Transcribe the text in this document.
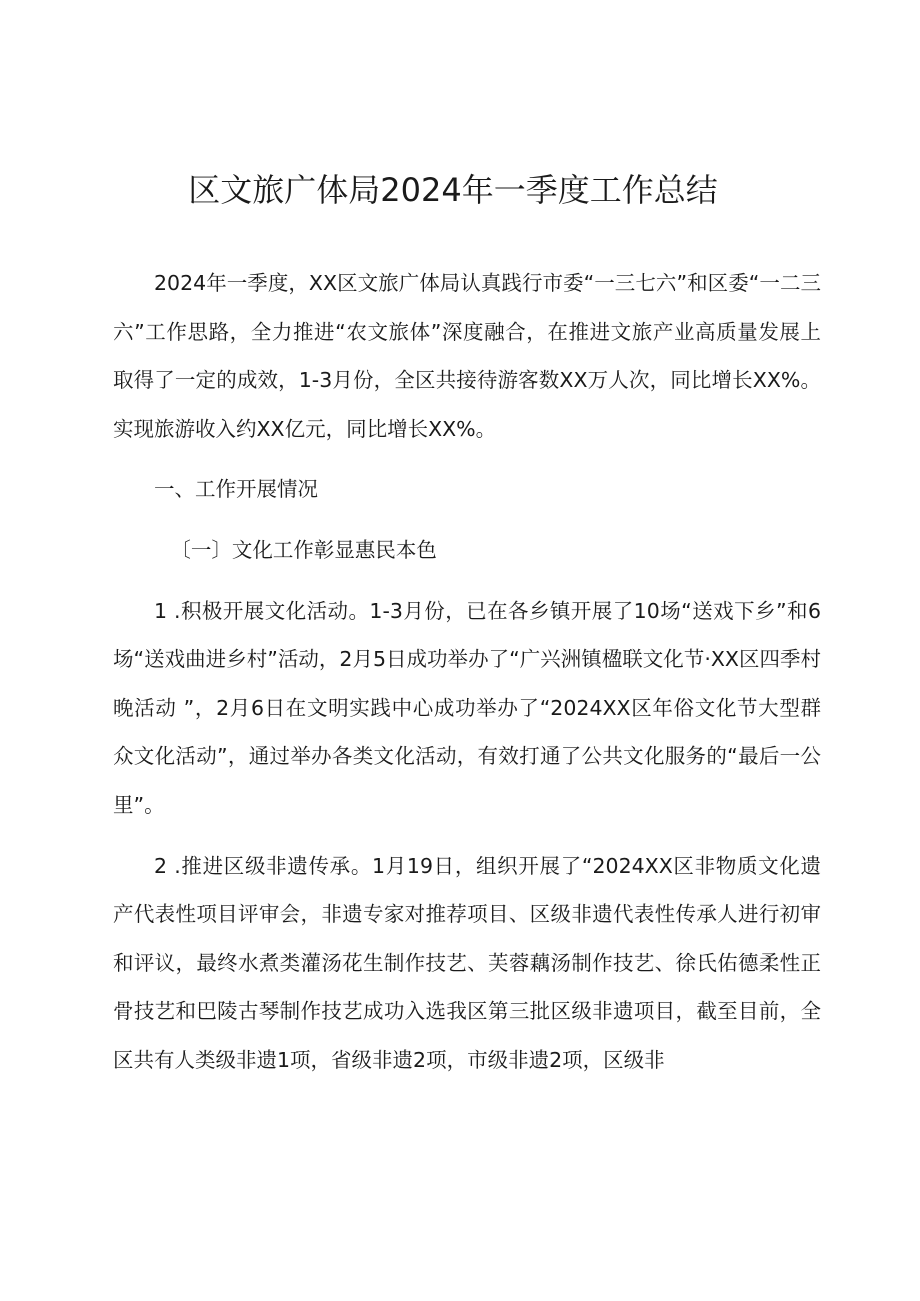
区文旅广体局2024年一季度工作总结

2024年一季度，XX区文旅广体局认真践行市委“一三七六”和区委“一二三六”工作思路，全力推进“农文旅体”深度融合，在推进文旅产业高质量发展上取得了一定的成效，1-3月份，全区共接待游客数XX万人次，同比增长XX%。实现旅游收入约XX亿元，同比增长XX%。

一、工作开展情况

〔一〕文化工作彰显惠民本色

1 .积极开展文化活动。1-3月份，已在各乡镇开展了10场“送戏下乡”和6场“送戏曲进乡村”活动，2月5日成功举办了“广兴洲镇楹联文化节·XX区四季村晚活动 ”，2月6日在文明实践中心成功举办了“2024XX区年俗文化节大型群众文化活动”，通过举办各类文化活动，有效打通了公共文化服务的“最后一公里”。

2 .推进区级非遗传承。1月19日，组织开展了“2024XX区非物质文化遗产代表性项目评审会，非遗专家对推荐项目、区级非遗代表性传承人进行初审和评议，最终水煮类灌汤花生制作技艺、芙蓉藕汤制作技艺、徐氏佑德柔性正骨技艺和巴陵古琴制作技艺成功入选我区第三批区级非遗项目，截至目前，全区共有人类级非遗1项，省级非遗2项，市级非遗2项，区级非
